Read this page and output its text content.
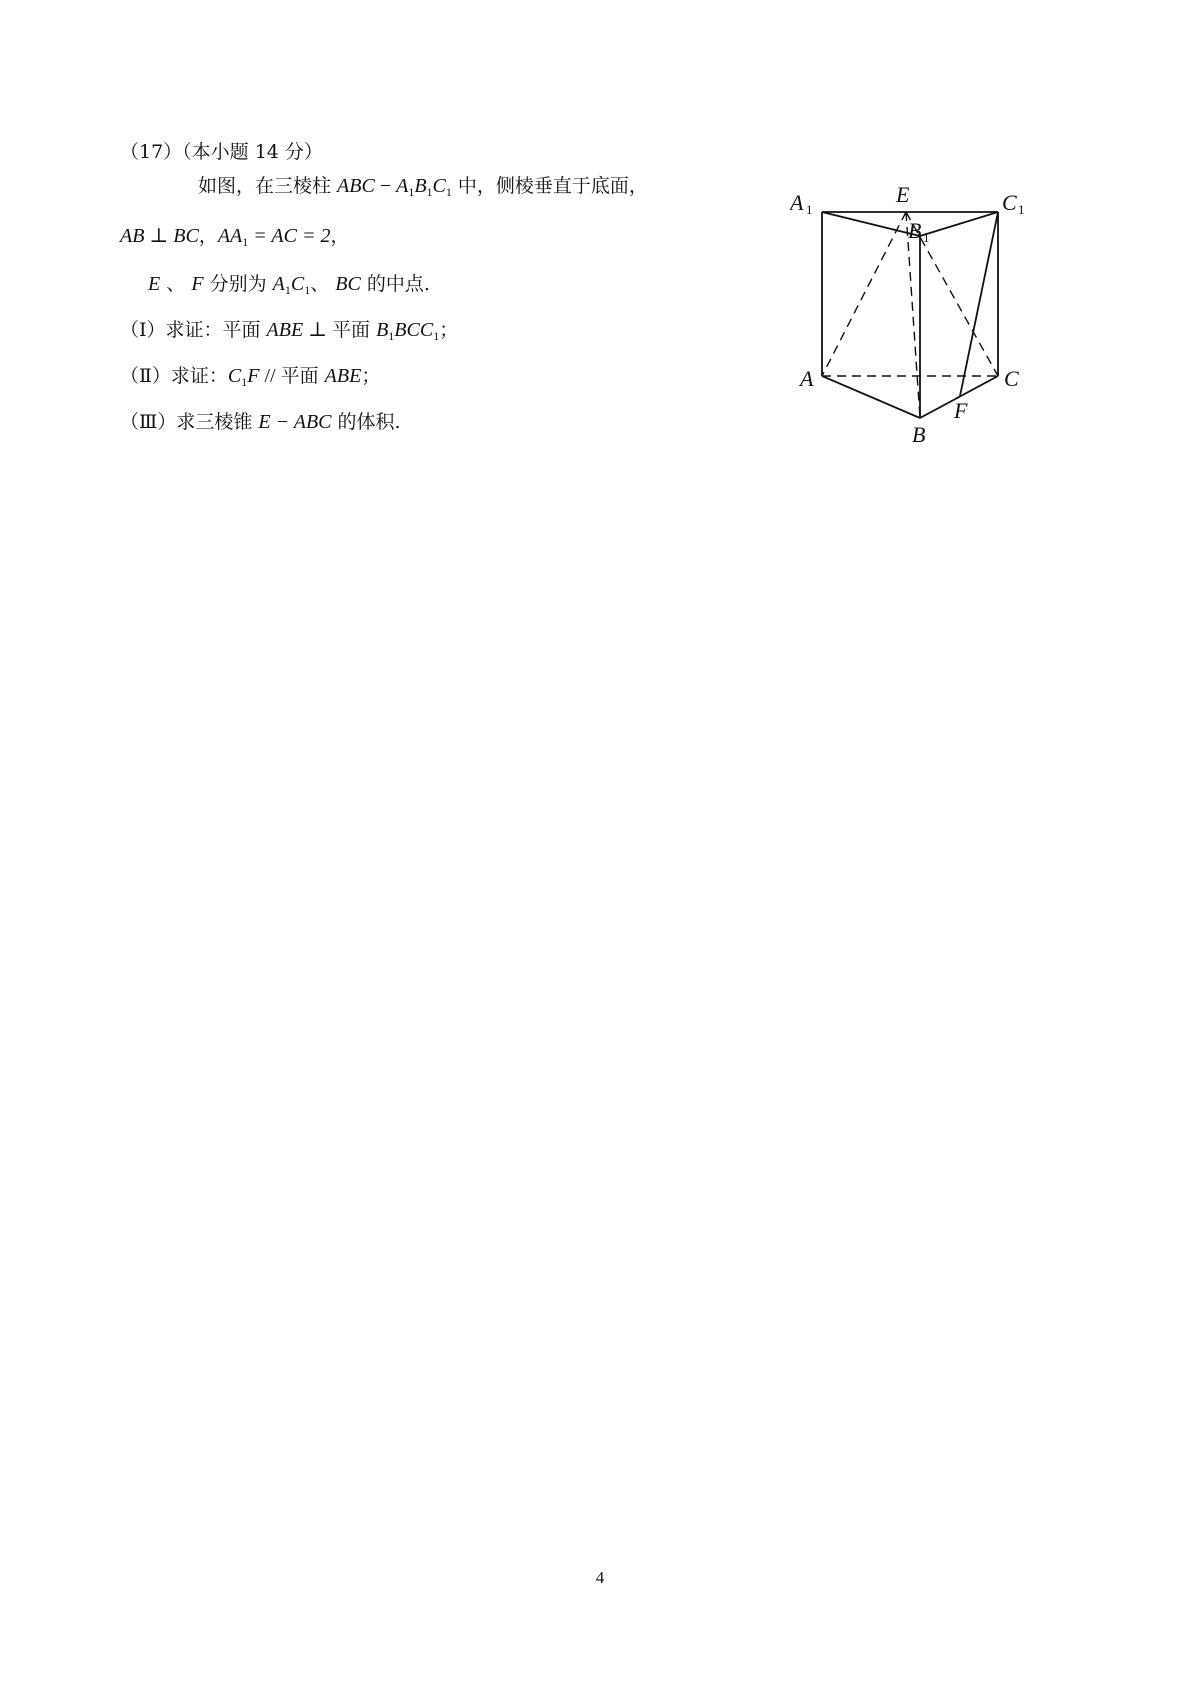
（17）（本小题 14 分）
如图，在三棱柱 ABC − $A_1B_1C_1$ 中，侧棱垂直于底面，
AB ⊥ BC，$AA_1$ = AC = 2，
E 、 F 分别为 $A_1C_1$、 BC 的中点.
（Ⅰ）求证：平面 ABE ⊥ 平面 $B_1BCC_1$；
（Ⅱ）求证：$C_1F$ // 平面 ABE；
（Ⅲ）求三棱锥 E − ABC 的体积.
A 1
E	C 1
B 1
A	C
B
F
4
